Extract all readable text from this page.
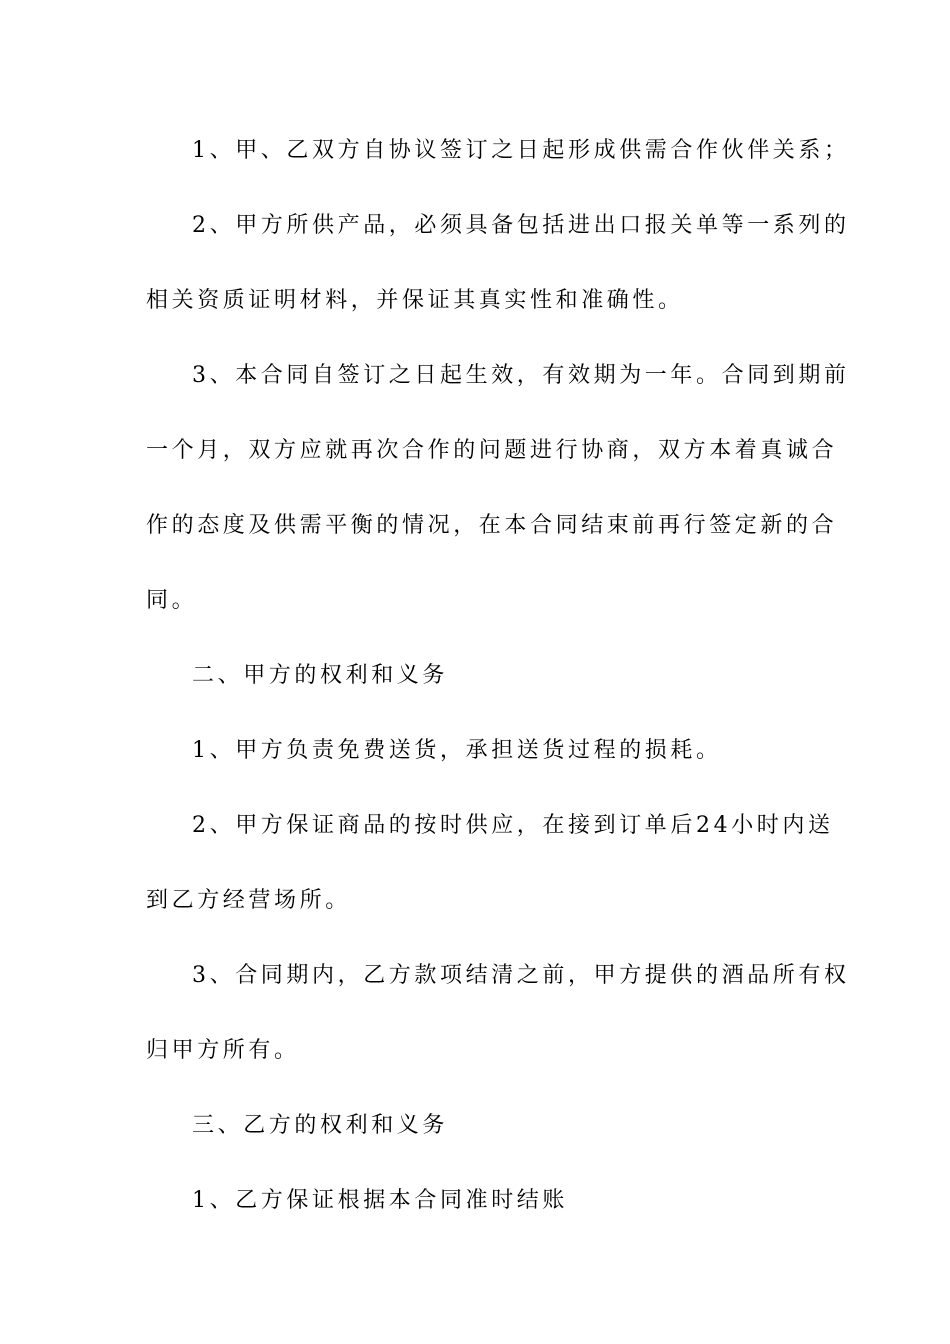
1、甲、乙双方自协议签订之日起形成供需合作伙伴关系；
2、甲方所供产品，必须具备包括进出口报关单等一系列的
相关资质证明材料，并保证其真实性和准确性。
3、本合同自签订之日起生效，有效期为一年。合同到期前
一个月，双方应就再次合作的问题进行协商，双方本着真诚合
作的态度及供需平衡的情况，在本合同结束前再行签定新的合
同。
二、甲方的权利和义务
1、甲方负责免费送货，承担送货过程的损耗。
2、甲方保证商品的按时供应，在接到订单后24小时内送
到乙方经营场所。
3、合同期内，乙方款项结清之前，甲方提供的酒品所有权
归甲方所有。
三、乙方的权利和义务
1、乙方保证根据本合同准时结账
